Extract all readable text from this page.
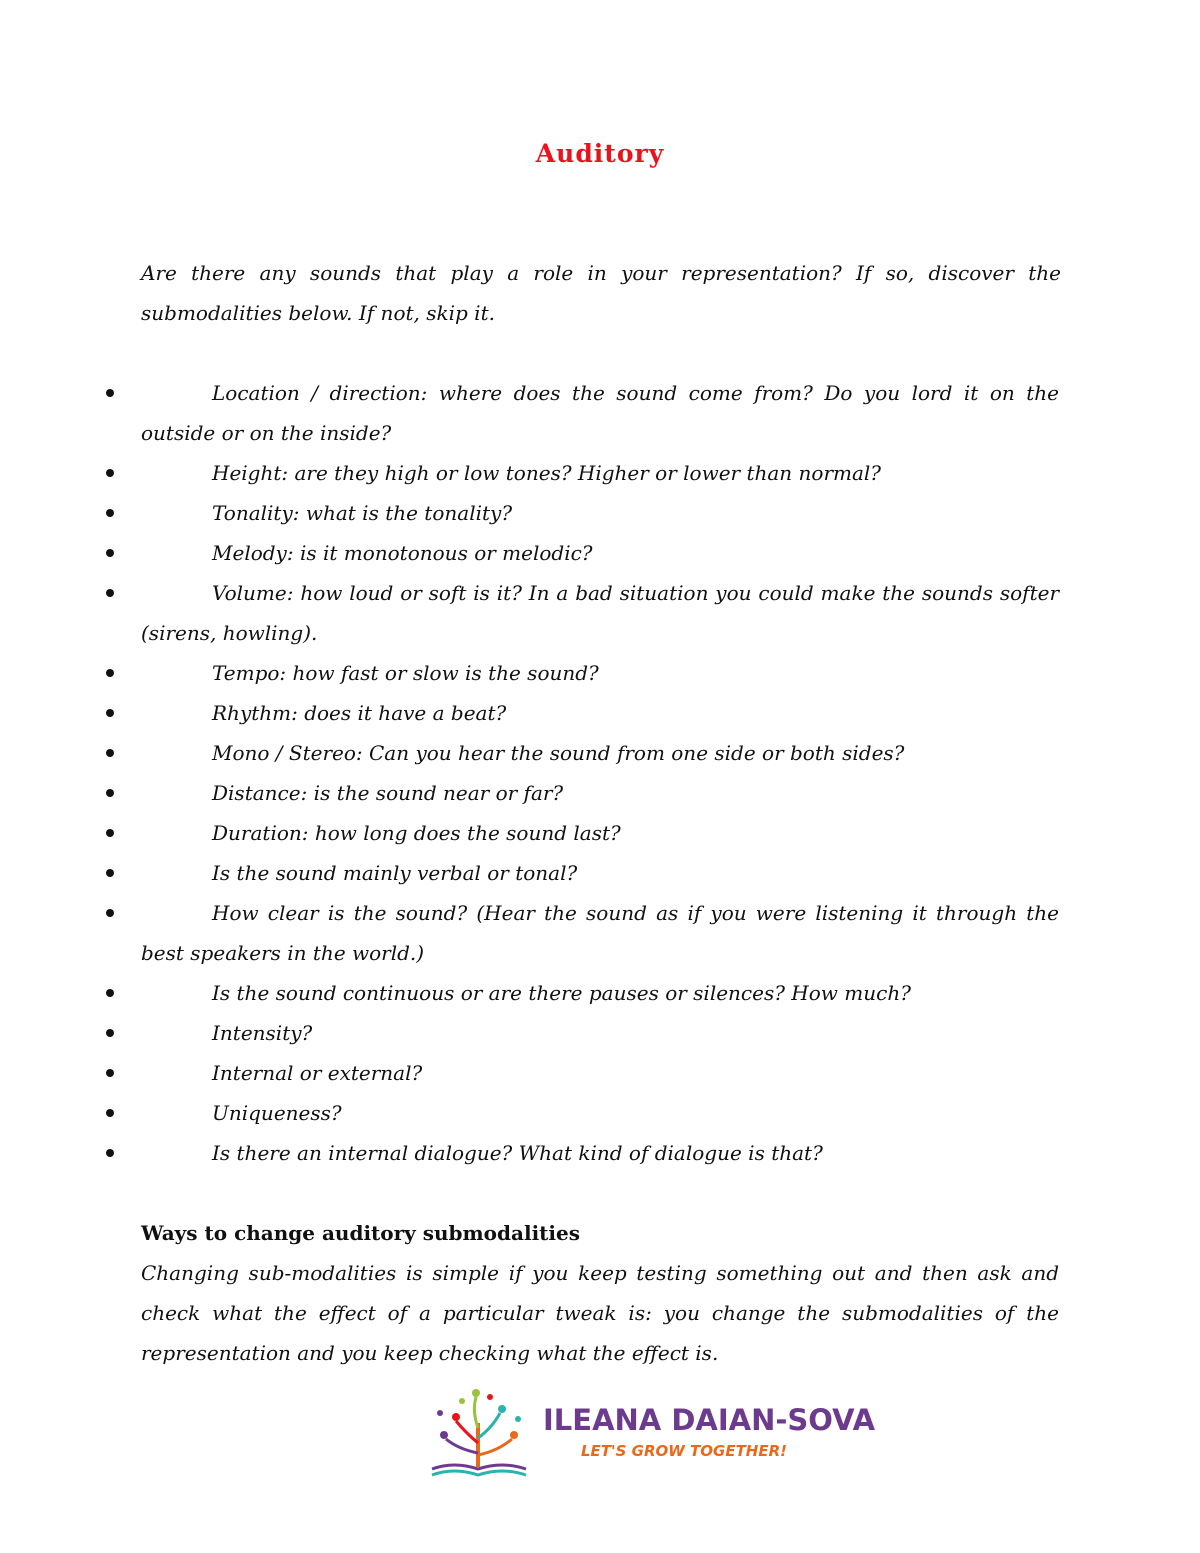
Auditory

Are there any sounds that play a role in your representation? If so, discover the submodalities below. If not, skip it.

Location / direction: where does the sound come from? Do you lord it on the outside or on the inside?
Height: are they high or low tones? Higher or lower than normal?
Tonality: what is the tonality?
Melody: is it monotonous or melodic?
Volume: how loud or soft is it? In a bad situation you could make the sounds softer (sirens, howling).
Tempo: how fast or slow is the sound?
Rhythm: does it have a beat?
Mono / Stereo: Can you hear the sound from one side or both sides?
Distance: is the sound near or far?
Duration: how long does the sound last?
Is the sound mainly verbal or tonal?
How clear is the sound? (Hear the sound as if you were listening it through the best speakers in the world.)
Is the sound continuous or are there pauses or silences? How much?
Intensity?
Internal or external?
Uniqueness?
Is there an internal dialogue? What kind of dialogue is that?
Ways to change auditory submodalities

Changing sub-modalities is simple if you keep testing something out and then ask and check what the effect of a particular tweak is: you change the submodalities of the representation and you keep checking what the effect is.

ILEANA DAIAN-SOVA
LET'S GROW TOGETHER!
